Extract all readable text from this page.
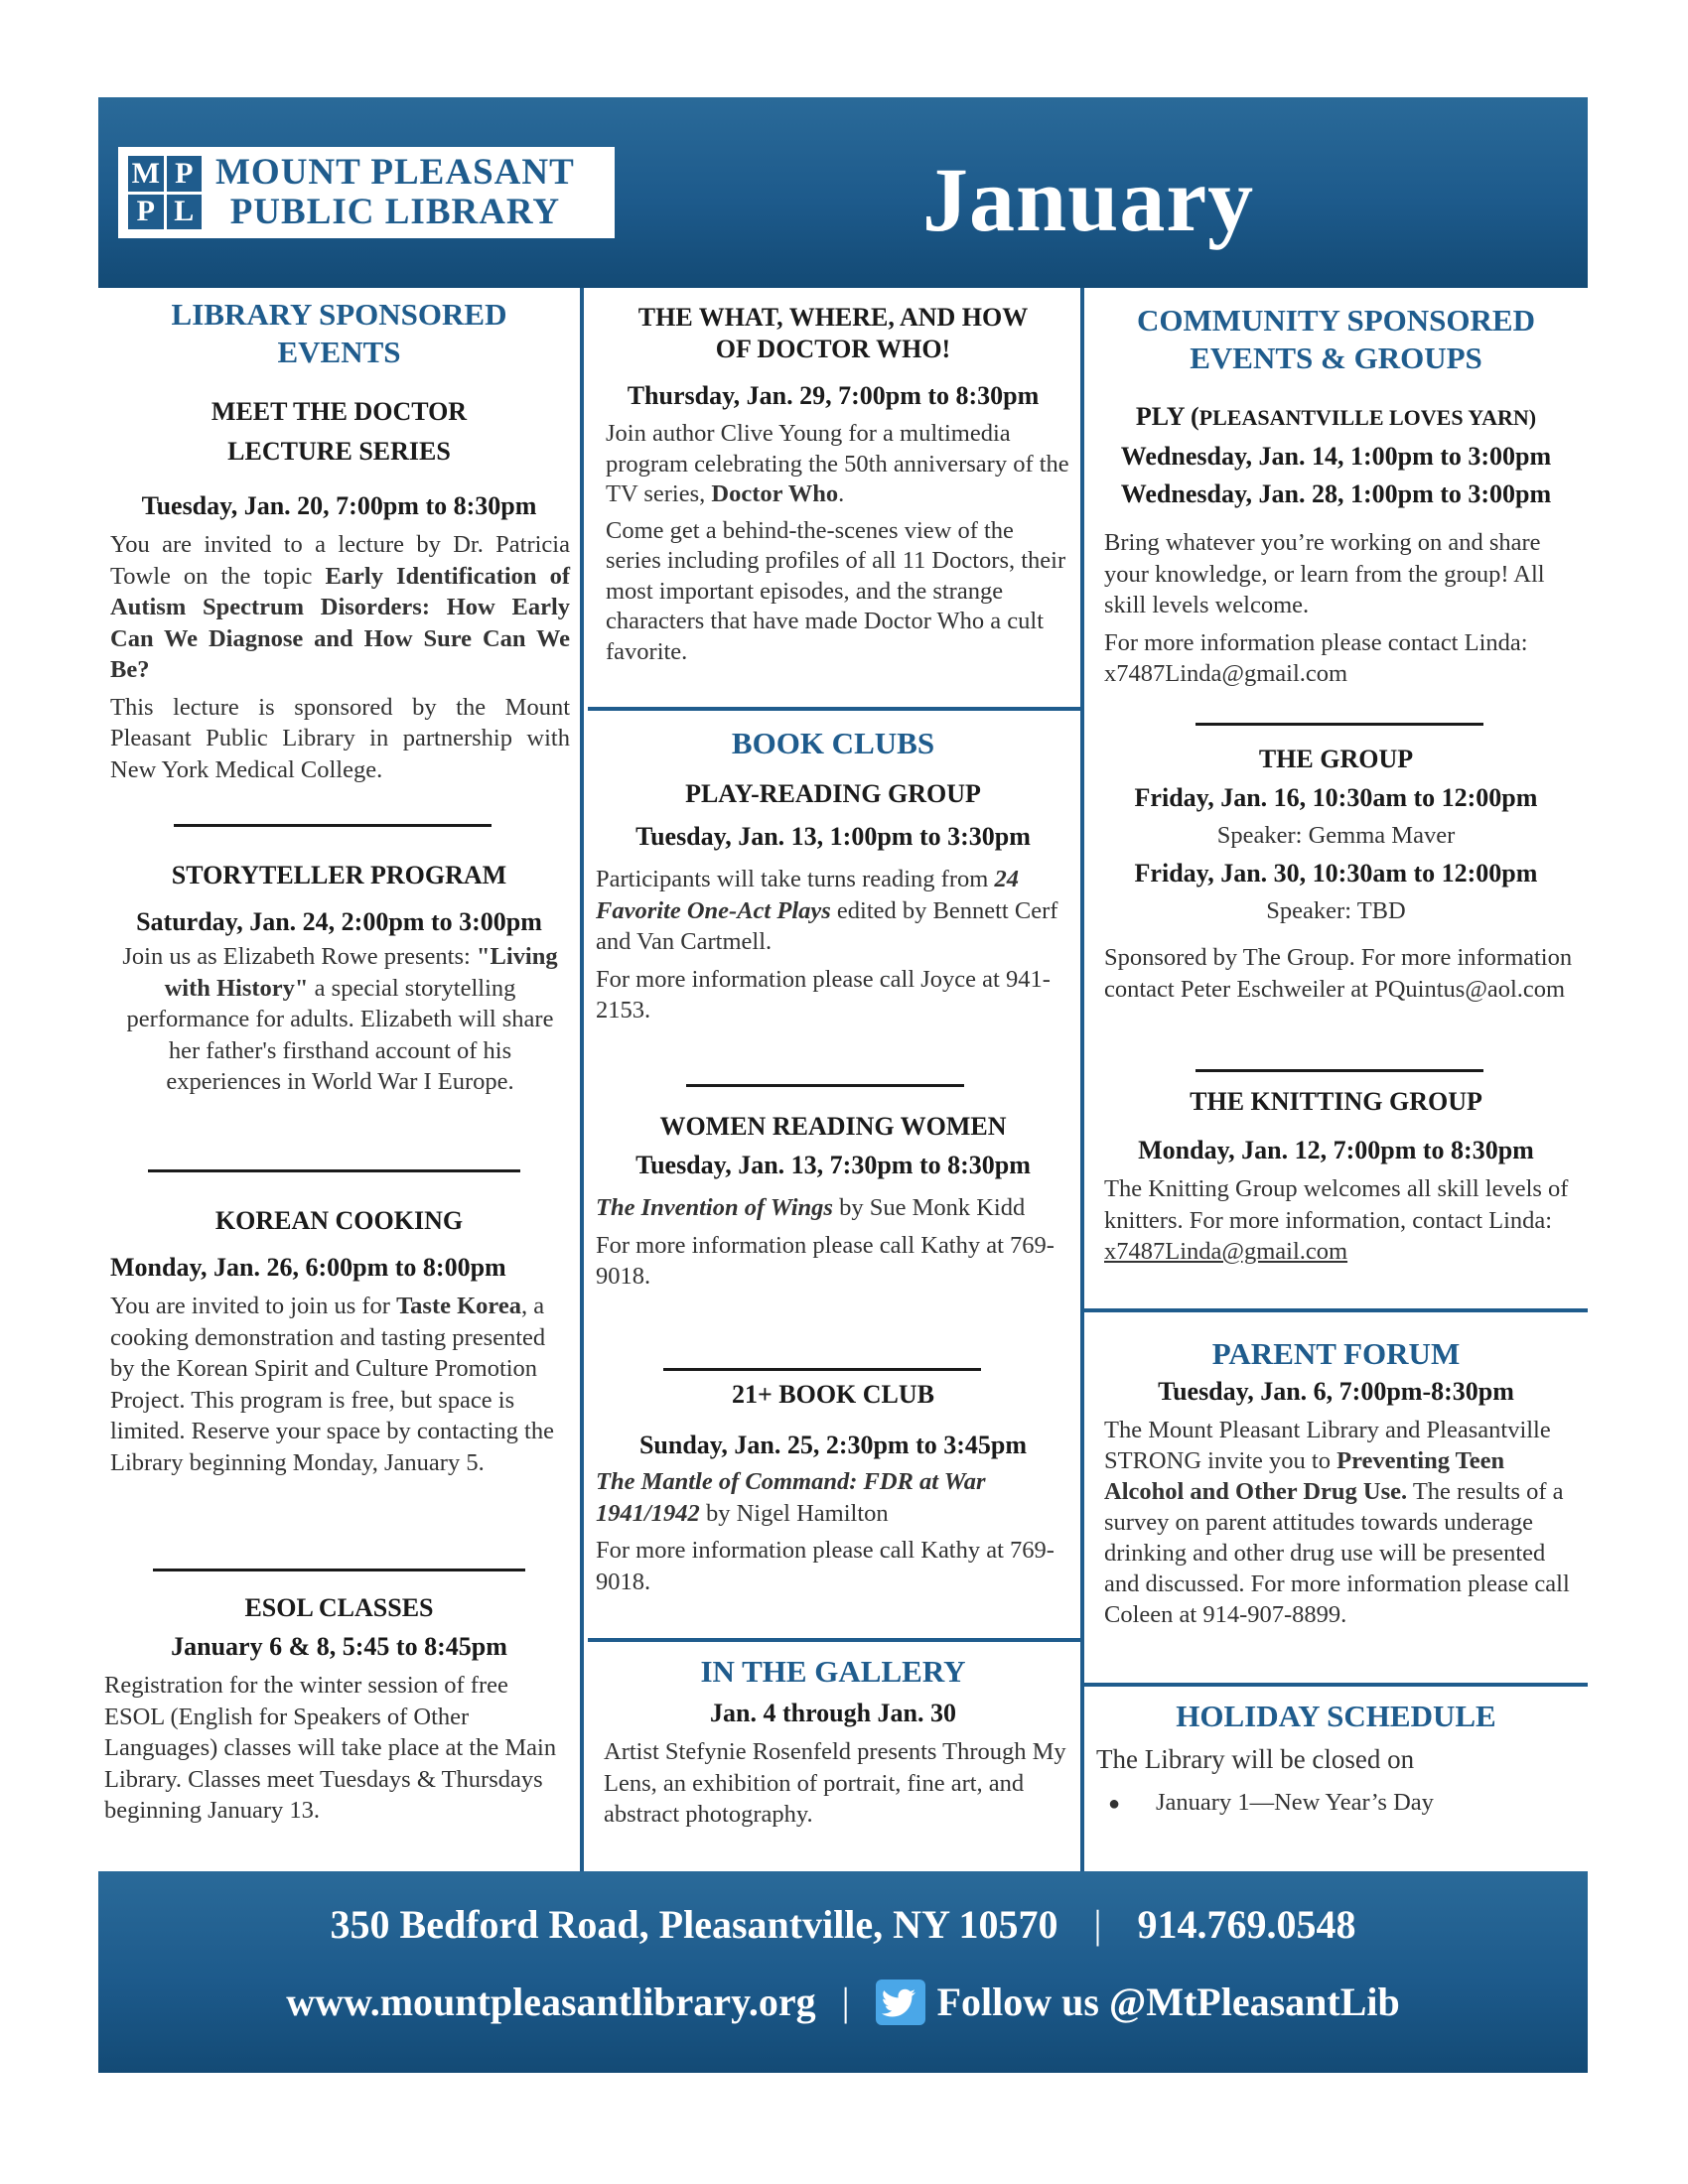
M P
P L
MOUNT PLEASANT
PUBLIC LIBRARY	January
LIBRARY SPONSORED
EVENTS
MEET THE DOCTOR
LECTURE SERIES
Tuesday, Jan. 20, 7:00pm to 8:30pm

You are invited to a lecture by Dr. Patricia Towle on the topic Early Identification of Autism Spectrum Disorders: How Early Can We Diagnose and How Sure Can We Be?

This lecture is sponsored by the Mount Pleasant Public Library in partnership with New York Medical College.

STORYTELLER PROGRAM
Saturday, Jan. 24, 2:00pm to 3:00pm
Join us as Elizabeth Rowe presents: "Living with History" a special storytelling performance for adults. Elizabeth will share her father's firsthand account of his experiences in World War I Europe.
KOREAN COOKING
Monday, Jan. 26, 6:00pm to 8:00pm
You are invited to join us for Taste Korea, a cooking demonstration and tasting presented by the Korean Spirit and Culture Promotion Project. This program is free, but space is limited. Reserve your space by contacting the Library beginning Monday, January 5.
ESOL CLASSES
January 6 & 8, 5:45 to 8:45pm
Registration for the winter session of free ESOL (English for Speakers of Other Languages) classes will take place at the Main Library. Classes meet Tuesdays & Thursdays beginning January 13.
THE WHAT, WHERE, AND HOW
OF DOCTOR WHO!
Thursday, Jan. 29, 7:00pm to 8:30pm

Join author Clive Young for a multimedia program celebrating the 50th anniversary of the TV series, Doctor Who.

Come get a behind-the-scenes view of the series including profiles of all 11 Doctors, their most important episodes, and the strange characters that have made Doctor Who a cult favorite.

BOOK CLUBS
PLAY-READING GROUP
Tuesday, Jan. 13, 1:00pm to 3:30pm

Participants will take turns reading from 24 Favorite One-Act Plays edited by Bennett Cerf and Van Cartmell.

For more information please call Joyce at 941-2153.

WOMEN READING WOMEN
Tuesday, Jan. 13, 7:30pm to 8:30pm

The Invention of Wings by Sue Monk Kidd

For more information please call Kathy at 769-9018.

21+ BOOK CLUB
Sunday, Jan. 25, 2:30pm to 3:45pm

The Mantle of Command: FDR at War 1941/1942 by Nigel Hamilton

For more information please call Kathy at 769-9018.

IN THE GALLERY
Jan. 4 through Jan. 30
Artist Stefynie Rosenfeld presents Through My Lens, an exhibition of portrait, fine art, and abstract photography.
COMMUNITY SPONSORED
EVENTS & GROUPS
PLY (PLEASANTVILLE LOVES YARN)
Wednesday, Jan. 14, 1:00pm to 3:00pm
Wednesday, Jan. 28, 1:00pm to 3:00pm

Bring whatever you’re working on and share your knowledge, or learn from the group! All skill levels welcome.

For more information please contact Linda: x7487Linda@gmail.com

THE GROUP
Friday, Jan. 16, 10:30am to 12:00pm
Speaker: Gemma Maver
Friday, Jan. 30, 10:30am to 12:00pm
Speaker: TBD
Sponsored by The Group. For more information contact Peter Eschweiler at PQuintus@aol.com
THE KNITTING GROUP
Monday, Jan. 12, 7:00pm to 8:30pm
The Knitting Group welcomes all skill levels of knitters. For more information, contact Linda: x7487Linda@gmail.com
PARENT FORUM
Tuesday, Jan. 6, 7:00pm-8:30pm
The Mount Pleasant Library and Pleasantville STRONG invite you to Preventing Teen Alcohol and Other Drug Use. The results of a survey on parent attitudes towards underage drinking and other drug use will be presented and discussed. For more information please call Coleen at 914-907-8899.
HOLIDAY SCHEDULE
The Library will be closed on
●	January 1—New Year’s Day
350 Bedford Road, Pleasantville, NY 10570 | 914.769.0548
www.mountpleasantlibrary.org | Follow us @MtPleasantLib
